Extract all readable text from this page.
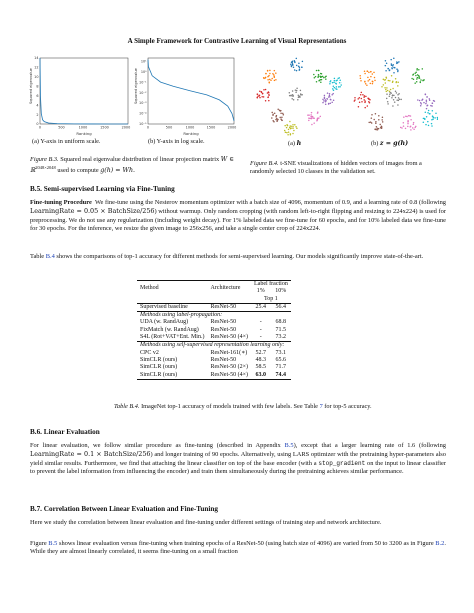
A Simple Framework for Contrastive Learning of Visual Representations
0
2
4
6
8
10
12
14
0	500	1000	1500	2000
Ranking
Squared eigenvalue
(a) Y-axis in uniform scale.
10¹
10⁰
10⁻¹
10⁻²
10⁻³
10⁻⁴
10⁻⁵
0	500	1000	1500	2000
Ranking
Squared eigenvalue
(b) Y-axis in log scale.
Figure B.3. Squared real eigenvalue distribution of linear projection matrix W ∈ ℝ$^{2048\times 2048}$ used to compute g(h) = Wh.
(a) h	(b) z = g(h)
Figure B.4. t-SNE visualizations of hidden vectors of images from a randomly selected 10 classes in the validation set.
B.5. Semi-supervised Learning via Fine-Tuning
Fine-tuning Procedure We fine-tune using the Nesterov momentum optimizer with a batch size of 4096, momentum of 0.9, and a learning rate of 0.8 (following LearningRate = 0.05 × BatchSize/256) without warmup. Only random cropping (with random left-to-right flipping and resizing to 224x224) is used for preprocessing. We do not use any regularization (including weight decay). For 1% labeled data we fine-tune for 60 epochs, and for 10% labeled data we fine-tune for 30 epochs. For the inference, we resize the given image to 256x256, and take a single center crop of 224x224.
Table B.4 shows the comparisons of top-1 accuracy for different methods for semi-supervised learning. Our models significantly improve state-of-the-art.
Method	Architecture	Label fraction	
		1%	10%
		Top 1	
Supervised baseline	ResNet-50	25.4	56.4
Methods using label-propagation:			
UDA (w. RandAug)	ResNet-50	-	68.8
FixMatch (w. RandAug)	ResNet-50	-	71.5
S4L (Rot+VAT+Ent. Min.)	ResNet-50 (4×)	-	73.2
Methods using self-supervised representation learning only:			
CPC v2	ResNet-161(∗)	52.7	73.1
SimCLR (ours)	ResNet-50	48.3	65.6
SimCLR (ours)	ResNet-50 (2×)	58.5	71.7
SimCLR (ours)	ResNet-50 (4×)	63.0	74.4
Table B.4. ImageNet top-1 accuracy of models trained with few labels. See Table 7 for top-5 accuracy.
B.6. Linear Evaluation
For linear evaluation, we follow similar procedure as fine-tuning (described in Appendix B.5), except that a larger learning rate of 1.6 (following LearningRate = 0.1 × BatchSize/256) and longer training of 90 epochs. Alternatively, using LARS optimizer with the pretraining hyper-parameters also yield similar results. Furthermore, we find that attaching the linear classifier on top of the base encoder (with a stop_gradient on the input to linear classifier to prevent the label information from influencing the encoder) and train them simultaneously during the pretraining achieves similar performance.
B.7. Correlation Between Linear Evaluation and Fine-Tuning
Here we study the correlation between linear evaluation and fine-tuning under different settings of training step and network architecture.
Figure B.5 shows linear evaluation versus fine-tuning when training epochs of a ResNet-50 (using batch size of 4096) are varied from 50 to 3200 as in Figure B.2. While they are almost linearly correlated, it seems fine-tuning on a small fraction
